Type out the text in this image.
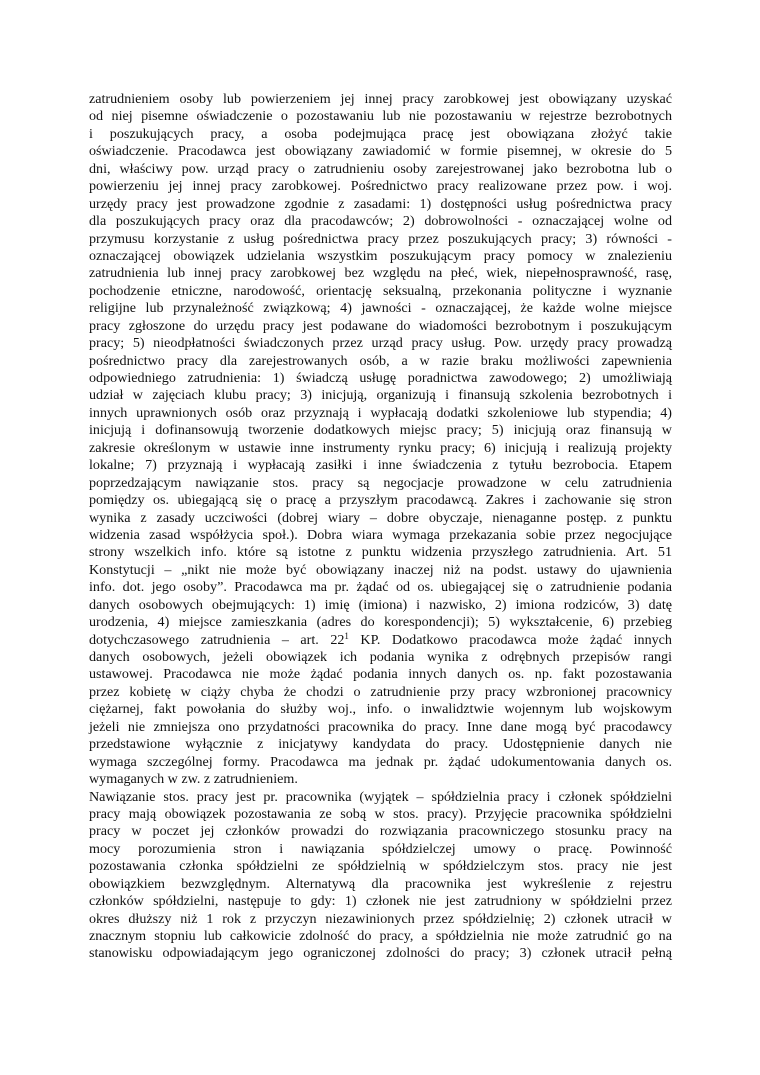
zatrudnieniem osoby lub powierzeniem jej innej pracy zarobkowej jest obowiązany uzyskać
od niej pisemne oświadczenie o pozostawaniu lub nie pozostawaniu w rejestrze bezrobotnych
i poszukujących pracy, a osoba podejmująca pracę jest obowiązana złożyć takie
oświadczenie. Pracodawca jest obowiązany zawiadomić w formie pisemnej, w okresie do 5
dni, właściwy pow. urząd pracy o zatrudnieniu osoby zarejestrowanej jako bezrobotna lub o
powierzeniu jej innej pracy zarobkowej. Pośrednictwo pracy realizowane przez pow. i woj.
urzędy pracy jest prowadzone zgodnie z zasadami: 1) dostępności usług pośrednictwa pracy
dla poszukujących pracy oraz dla pracodawców; 2) dobrowolności - oznaczającej wolne od
przymusu korzystanie z usług pośrednictwa pracy przez poszukujących pracy; 3) równości -
oznaczającej obowiązek udzielania wszystkim poszukującym pracy pomocy w znalezieniu
zatrudnienia lub innej pracy zarobkowej bez względu na płeć, wiek, niepełnosprawność, rasę,
pochodzenie etniczne, narodowość, orientację seksualną, przekonania polityczne i wyznanie
religijne lub przynależność związkową; 4) jawności - oznaczającej, że każde wolne miejsce
pracy zgłoszone do urzędu pracy jest podawane do wiadomości bezrobotnym i poszukującym
pracy; 5) nieodpłatności świadczonych przez urząd pracy usług. Pow. urzędy pracy prowadzą
pośrednictwo pracy dla zarejestrowanych osób, a w razie braku możliwości zapewnienia
odpowiedniego zatrudnienia: 1) świadczą usługę poradnictwa zawodowego; 2) umożliwiają
udział w zajęciach klubu pracy; 3) inicjują, organizują i finansują szkolenia bezrobotnych i
innych uprawnionych osób oraz przyznają i wypłacają dodatki szkoleniowe lub stypendia; 4)
inicjują i dofinansowują tworzenie dodatkowych miejsc pracy; 5) inicjują oraz finansują w
zakresie określonym w ustawie inne instrumenty rynku pracy; 6) inicjują i realizują projekty
lokalne; 7) przyznają i wypłacają zasiłki i inne świadczenia z tytułu bezrobocia. Etapem
poprzedzającym nawiązanie stos. pracy są negocjacje prowadzone w celu zatrudnienia
pomiędzy os. ubiegającą się o pracę a przyszłym pracodawcą. Zakres i zachowanie się stron
wynika z zasady uczciwości (dobrej wiary – dobre obyczaje, nienaganne postęp. z punktu
widzenia zasad współżycia społ.). Dobra wiara wymaga przekazania sobie przez negocjujące
strony wszelkich info. które są istotne z punktu widzenia przyszłego zatrudnienia. Art. 51
Konstytucji – „nikt nie może być obowiązany inaczej niż na podst. ustawy do ujawnienia
info. dot. jego osoby”. Pracodawca ma pr. żądać od os. ubiegającej się o zatrudnienie podania
danych osobowych obejmujących: 1) imię (imiona) i nazwisko, 2) imiona rodziców, 3) datę
urodzenia, 4) miejsce zamieszkania (adres do korespondencji); 5) wykształcenie, 6) przebieg
dotychczasowego zatrudnienia – art. $22^1$ KP. Dodatkowo pracodawca może żądać innych
danych osobowych, jeżeli obowiązek ich podania wynika z odrębnych przepisów rangi
ustawowej. Pracodawca nie może żądać podania innych danych os. np. fakt pozostawania
przez kobietę w ciąży chyba że chodzi o zatrudnienie przy pracy wzbronionej pracownicy
ciężarnej, fakt powołania do służby woj., info. o inwalidztwie wojennym lub wojskowym
jeżeli nie zmniejsza ono przydatności pracownika do pracy. Inne dane mogą być pracodawcy
przedstawione wyłącznie z inicjatywy kandydata do pracy. Udostępnienie danych nie
wymaga szczególnej formy. Pracodawca ma jednak pr. żądać udokumentowania danych os.
wymaganych w zw. z zatrudnieniem.
Nawiązanie stos. pracy jest pr. pracownika (wyjątek – spółdzielnia pracy i członek spółdzielni
pracy mają obowiązek pozostawania ze sobą w stos. pracy). Przyjęcie pracownika spółdzielni
pracy w poczet jej członków prowadzi do rozwiązania pracowniczego stosunku pracy na
mocy porozumienia stron i nawiązania spółdzielczej umowy o pracę. Powinność
pozostawania członka spółdzielni ze spółdzielnią w spółdzielczym stos. pracy nie jest
obowiązkiem bezwzględnym. Alternatywą dla pracownika jest wykreślenie z rejestru
członków spółdzielni, następuje to gdy: 1) członek nie jest zatrudniony w spółdzielni przez
okres dłuższy niż 1 rok z przyczyn niezawinionych przez spółdzielnię; 2) członek utracił w
znacznym stopniu lub całkowicie zdolność do pracy, a spółdzielnia nie może zatrudnić go na
stanowisku odpowiadającym jego ograniczonej zdolności do pracy; 3) członek utracił pełną
